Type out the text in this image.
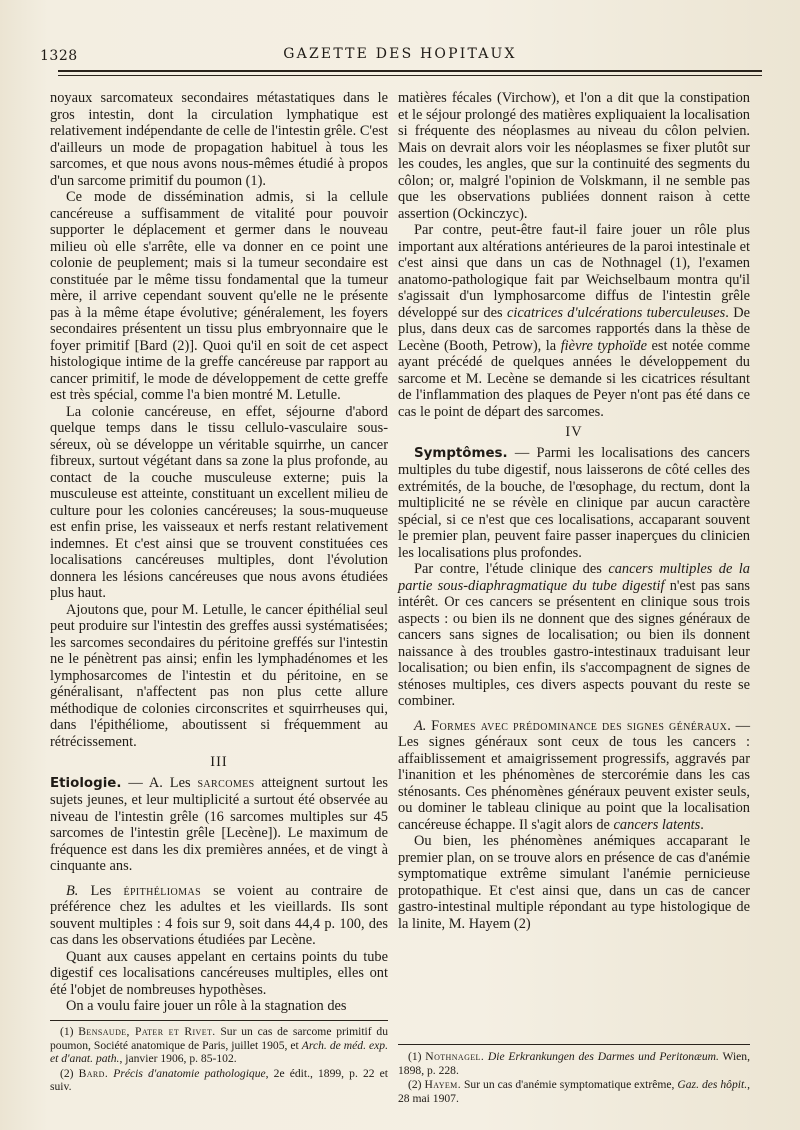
1328	GAZETTE DES HOPITAUX

noyaux sarcomateux secondaires métastatiques dans le gros intestin, dont la circulation lymphatique est relativement indépendante de celle de l'intestin grêle. C'est d'ailleurs un mode de propagation habituel à tous les sarcomes, et que nous avons nous-mêmes étudié à propos d'un sarcome primitif du poumon (1).

Ce mode de dissémination admis, si la cellule cancéreuse a suffisamment de vitalité pour pouvoir supporter le déplacement et germer dans le nouveau milieu où elle s'arrête, elle va donner en ce point une colonie de peuplement; mais si la tumeur secondaire est constituée par le même tissu fondamental que la tumeur mère, il arrive cependant souvent qu'elle ne le présente pas à la même étape évolutive; généralement, les foyers secondaires présentent un tissu plus embryonnaire que le foyer primitif [Bard (2)]. Quoi qu'il en soit de cet aspect histologique intime de la greffe cancéreuse par rapport au cancer primitif, le mode de développement de cette greffe est très spécial, comme l'a bien montré M. Letulle.

La colonie cancéreuse, en effet, séjourne d'abord quelque temps dans le tissu cellulo-vasculaire sous-séreux, où se développe un véritable squirrhe, un cancer fibreux, surtout végétant dans sa zone la plus profonde, au contact de la couche musculeuse externe; puis la musculeuse est atteinte, constituant un excellent milieu de culture pour les colonies cancéreuses; la sous-muqueuse est enfin prise, les vaisseaux et nerfs restant relativement indemnes. Et c'est ainsi que se trouvent constituées ces localisations cancéreuses multiples, dont l'évolution donnera les lésions cancéreuses que nous avons étudiées plus haut.

Ajoutons que, pour M. Letulle, le cancer épithélial seul peut produire sur l'intestin des greffes aussi systématisées; les sarcomes secondaires du péritoine greffés sur l'intestin ne le pénètrent pas ainsi; enfin les lymphadénomes et les lymphosarcomes de l'intestin et du péritoine, en se généralisant, n'affectent pas non plus cette allure méthodique de colonies circonscrites et squirrheuses qui, dans l'épithéliome, aboutissent si fréquemment au rétrécissement.

III

Etiologie. — A. Les sarcomes atteignent surtout les sujets jeunes, et leur multiplicité a surtout été observée au niveau de l'intestin grêle (16 sarcomes multiples sur 45 sarcomes de l'intestin grêle [Lecène]). Le maximum de fréquence est dans les dix premières années, et de vingt à cinquante ans.

B. Les épithéliomas se voient au contraire de préférence chez les adultes et les vieillards. Ils sont souvent multiples : 4 fois sur 9, soit dans 44,4 p. 100, des cas dans les observations étudiées par Lecène.

Quant aux causes appelant en certains points du tube digestif ces localisations cancéreuses multiples, elles ont été l'objet de nombreuses hypothèses.

On a voulu faire jouer un rôle à la stagnation des

matières fécales (Virchow), et l'on a dit que la constipation et le séjour prolongé des matières expliquaient la localisation si fréquente des néoplasmes au niveau du côlon pelvien. Mais on devrait alors voir les néoplasmes se fixer plutôt sur les coudes, les angles, que sur la continuité des segments du côlon; or, malgré l'opinion de Volskmann, il ne semble pas que les observations publiées donnent raison à cette assertion (Ockinczyc).

Par contre, peut-être faut-il faire jouer un rôle plus important aux altérations antérieures de la paroi intestinale et c'est ainsi que dans un cas de Nothnagel (1), l'examen anatomo-pathologique fait par Weichselbaum montra qu'il s'agissait d'un lymphosarcome diffus de l'intestin grêle développé sur des cicatrices d'ulcérations tuberculeuses. De plus, dans deux cas de sarcomes rapportés dans la thèse de Lecène (Booth, Petrow), la fièvre typhoïde est notée comme ayant précédé de quelques années le développement du sarcome et M. Lecène se demande si les cicatrices résultant de l'inflammation des plaques de Peyer n'ont pas été dans ce cas le point de départ des sarcomes.

IV

Symptômes. — Parmi les localisations des cancers multiples du tube digestif, nous laisserons de côté celles des extrémités, de la bouche, de l'œsophage, du rectum, dont la multiplicité ne se révèle en clinique par aucun caractère spécial, si ce n'est que ces localisations, accaparant souvent le premier plan, peuvent faire passer inaperçues du clinicien les localisations plus profondes.

Par contre, l'étude clinique des cancers multiples de la partie sous-diaphragmatique du tube digestif n'est pas sans intérêt. Or ces cancers se présentent en clinique sous trois aspects : ou bien ils ne donnent que des signes généraux de cancers sans signes de localisation; ou bien ils donnent naissance à des troubles gastro-intestinaux traduisant leur localisation; ou bien enfin, ils s'accompagnent de signes de sténoses multiples, ces divers aspects pouvant du reste se combiner.

A. Formes avec prédominance des signes généraux. — Les signes généraux sont ceux de tous les cancers : affaiblissement et amaigrissement progressifs, aggravés par l'inanition et les phénomènes de stercorémie dans les cas sténosants. Ces phénomènes généraux peuvent exister seuls, ou dominer le tableau clinique au point que la localisation cancéreuse échappe. Il s'agit alors de cancers latents.

Ou bien, les phénomènes anémiques accaparant le premier plan, on se trouve alors en présence de cas d'anémie symptomatique extrême simulant l'anémie pernicieuse protopathique. Et c'est ainsi que, dans un cas de cancer gastro-intestinal multiple répondant au type histologique de la linite, M. Hayem (2)

(1) Bensaude, Pater et Rivet. Sur un cas de sarcome primitif du poumon, Société anatomique de Paris, juillet 1905, et Arch. de méd. exp. et d'anat. path., janvier 1906, p. 85-102.

(2) Bard. Précis d'anatomie pathologique, 2e édit., 1899, p. 22 et suiv.

(1) Nothnagel. Die Erkrankungen des Darmes und Peritonæum. Wien, 1898, p. 228.

(2) Hayem. Sur un cas d'anémie symptomatique extrême, Gaz. des hôpit., 28 mai 1907.
